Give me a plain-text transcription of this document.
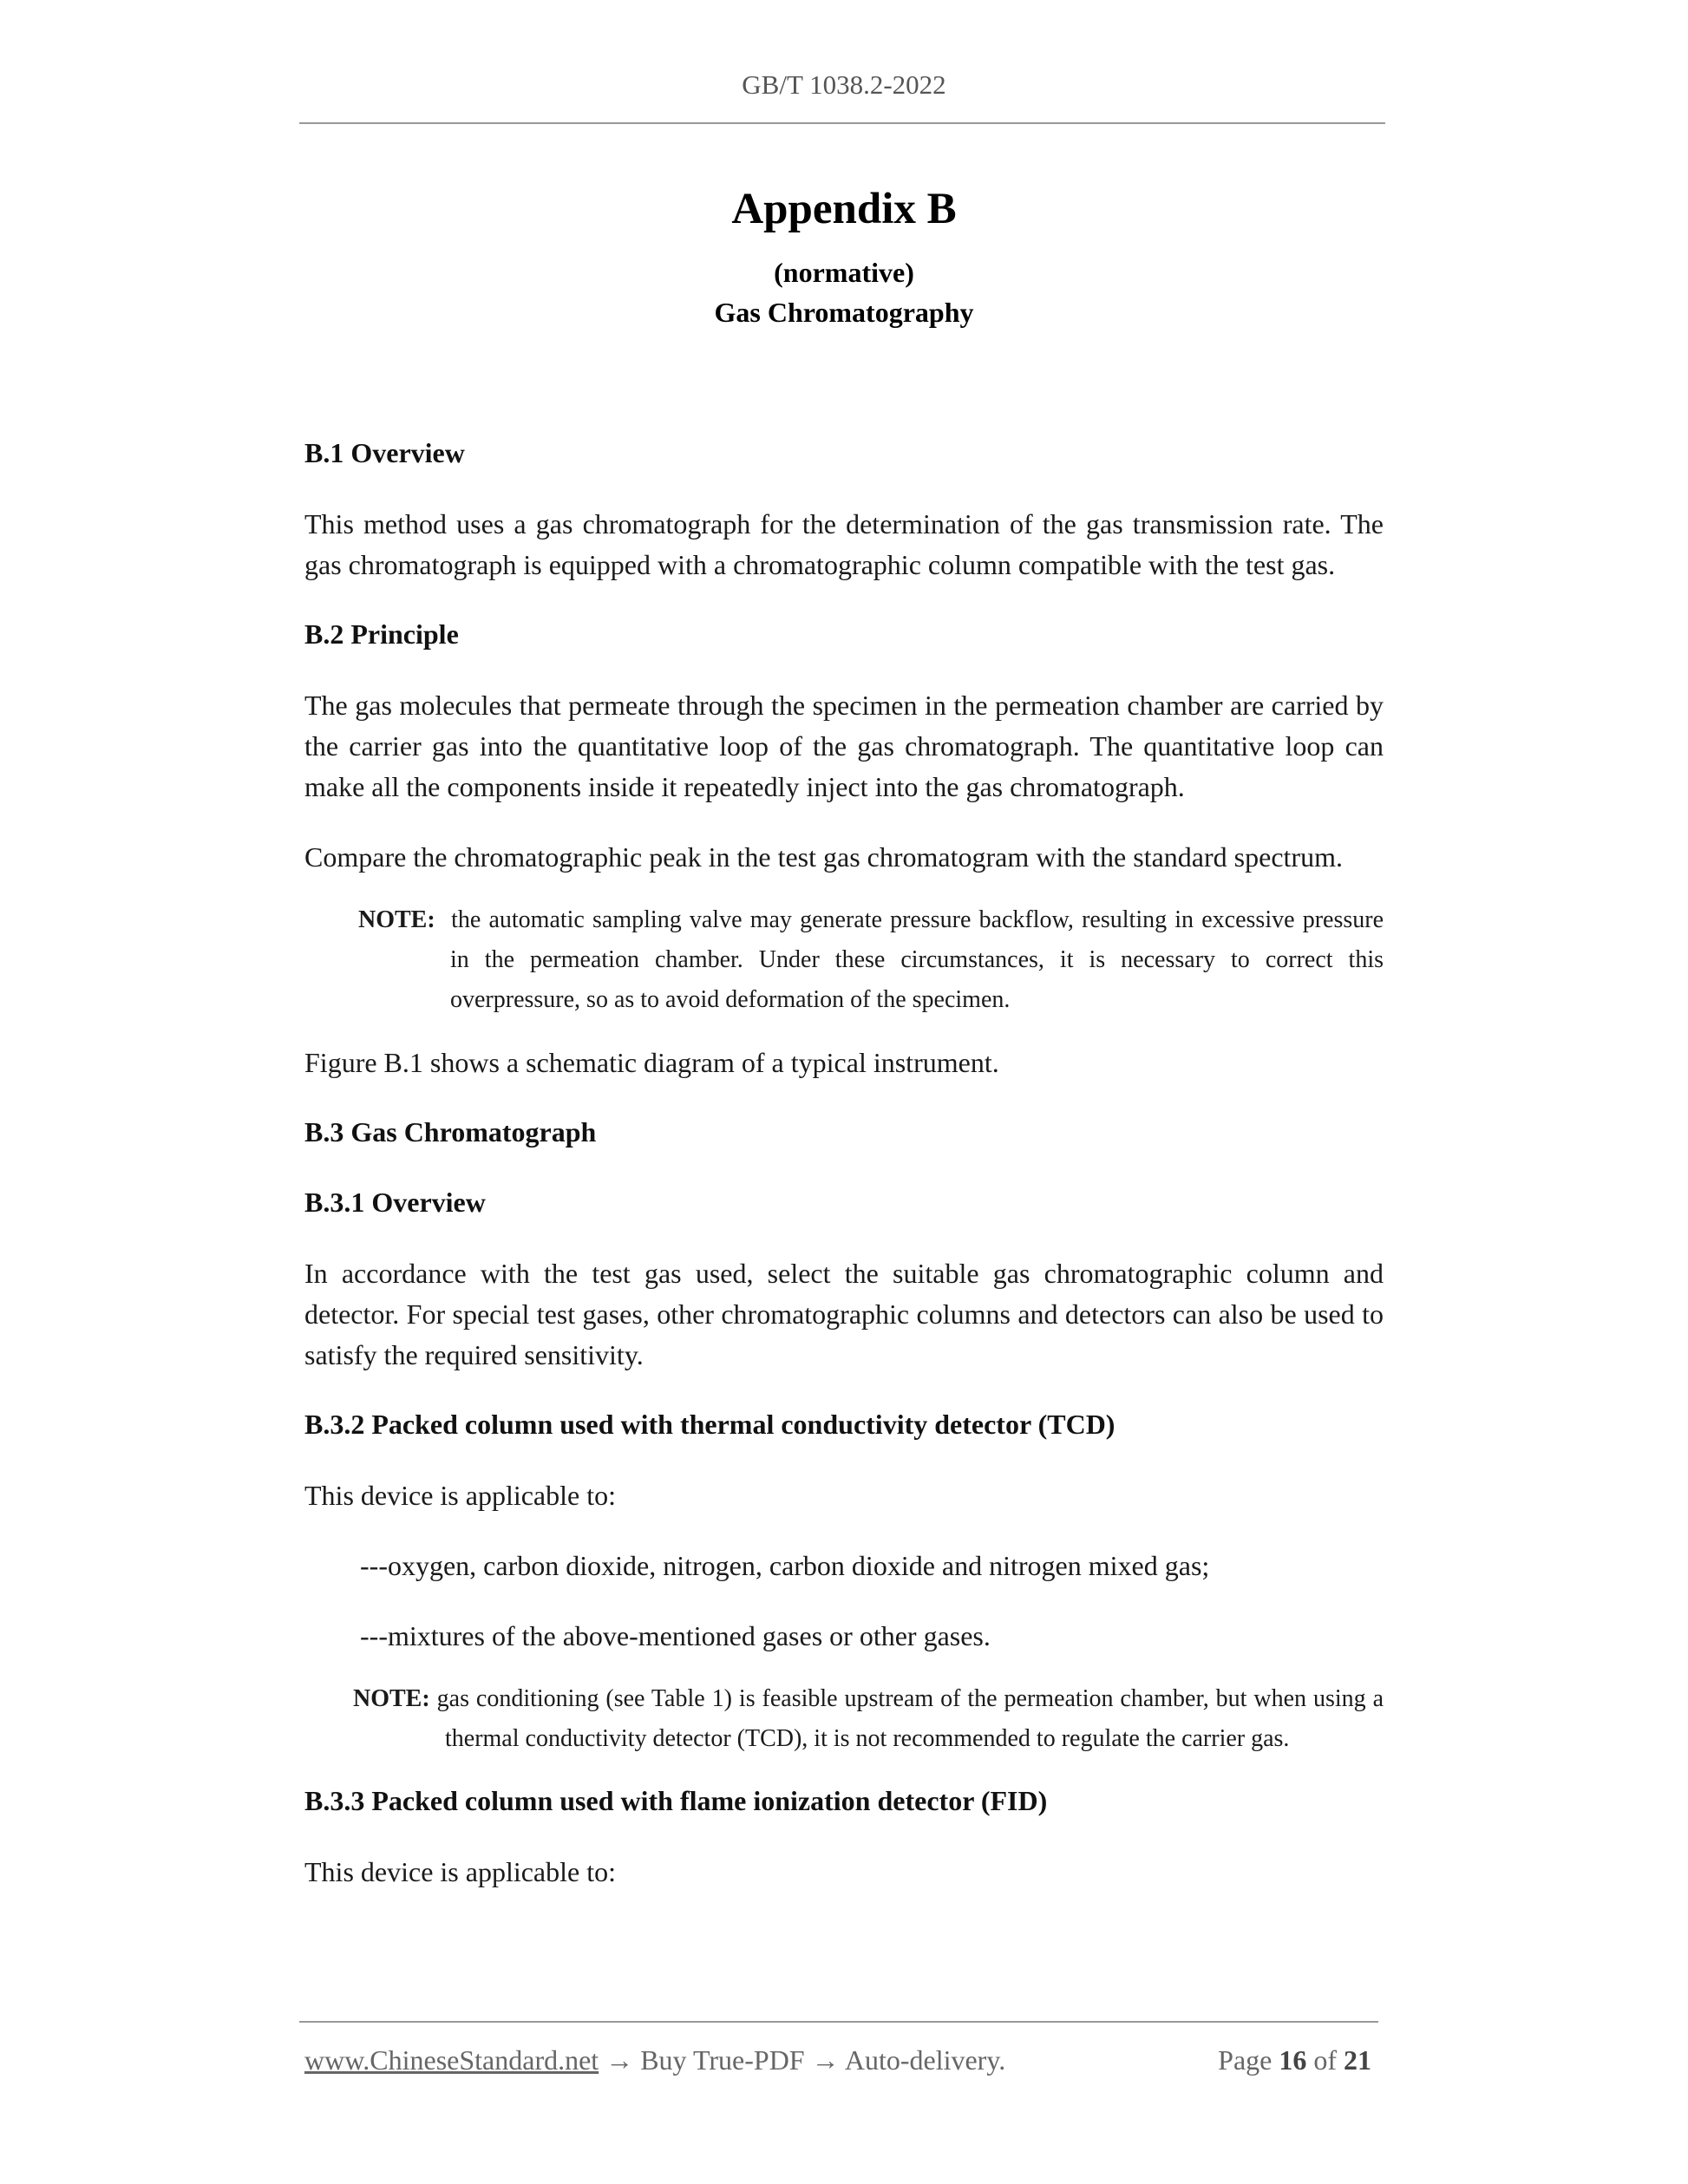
GB/T 1038.2-2022
Appendix B
(normative)
Gas Chromatography

B.1 Overview

This method uses a gas chromatograph for the determination of the gas transmission rate. The gas chromatograph is equipped with a chromatographic column compatible with the test gas.

B.2 Principle

The gas molecules that permeate through the specimen in the permeation chamber are carried by the carrier gas into the quantitative loop of the gas chromatograph. The quantitative loop can make all the components inside it repeatedly inject into the gas chromatograph.

Compare the chromatographic peak in the test gas chromatogram with the standard spectrum.

NOTE: the automatic sampling valve may generate pressure backflow, resulting in excessive pressure in the permeation chamber. Under these circumstances, it is necessary to correct this overpressure, so as to avoid deformation of the specimen.

Figure B.1 shows a schematic diagram of a typical instrument.

B.3 Gas Chromatograph

B.3.1 Overview

In accordance with the test gas used, select the suitable gas chromatographic column and detector. For special test gases, other chromatographic columns and detectors can also be used to satisfy the required sensitivity.

B.3.2 Packed column used with thermal conductivity detector (TCD)

This device is applicable to:

---oxygen, carbon dioxide, nitrogen, carbon dioxide and nitrogen mixed gas;

---mixtures of the above-mentioned gases or other gases.

NOTE: gas conditioning (see Table 1) is feasible upstream of the permeation chamber, but when using a thermal conductivity detector (TCD), it is not recommended to regulate the carrier gas.

B.3.3 Packed column used with flame ionization detector (FID)

This device is applicable to:

www.ChineseStandard.net → Buy True-PDF → Auto-delivery.	Page 16 of 21
